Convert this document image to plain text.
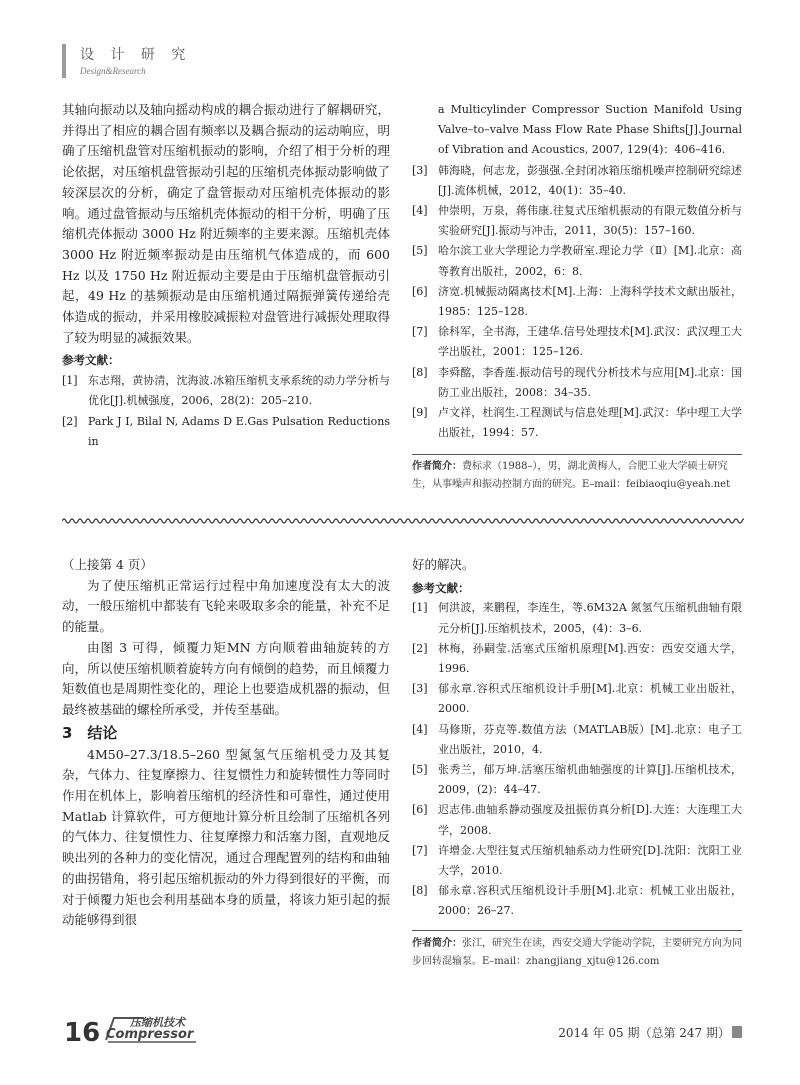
设 计 研 究
Design&Research

其轴向振动以及轴向摇动构成的耦合振动进行了解耦研究，并得出了相应的耦合固有频率以及耦合振动的运动响应，明确了压缩机盘管对压缩机振动的影响，介绍了相于分析的理论依据，对压缩机盘管振动引起的压缩机壳体振动影响做了较深层次的分析，确定了盘管振动对压缩机壳体振动的影响。通过盘管振动与压缩机壳体振动的相干分析，明确了压缩机壳体振动 3000 Hz 附近频率的主要来源。压缩机壳体 3000 Hz 附近频率振动是由压缩机气体造成的，而 600 Hz 以及 1750 Hz 附近振动主要是由于压缩机盘管振动引起，49 Hz 的基频振动是由压缩机通过隔振弹簧传递给壳体造成的振动，并采用橡胶减振粒对盘管进行减振处理取得了较为明显的减振效果。

参考文献：
[1] 东志翔，黄协清，沈海波.冰箱压缩机支承系统的动力学分析与优化[J].机械强度，2006，28(2)：205–210.
[2] Park J I, Bilal N, Adams D E.Gas Pulsation Reductions in
a Multicylinder Compressor Suction Manifold Using Valve–to–valve Mass Flow Rate Phase Shifts[J].Journal of Vibration and Acoustics, 2007, 129(4)：406–416.
[3] 韩海晓，何志龙，彭强强.全封闭冰箱压缩机噪声控制研究综述[J].流体机械，2012，40(1)：35–40.
[4] 仲崇明，万泉，蒋伟康.往复式压缩机振动的有限元数值分析与实验研究[J].振动与冲击，2011，30(5)：157–160.
[5] 哈尔滨工业大学理论力学教研室.理论力学（Ⅱ）[M].北京：高等教育出版社，2002，6：8.
[6] 济宽.机械振动隔离技术[M].上海：上海科学技术文献出版社，1985：125–128.
[7] 徐科军，全书海，王建华.信号处理技术[M].武汉：武汉理工大学出版社，2001：125–126.
[8] 李舜酩，李香莲.振动信号的现代分析技术与应用[M].北京：国防工业出版社，2008：34–35.
[9] 卢文祥，杜润生.工程测试与信息处理[M].武汉：华中理工大学出版社，1994：57.
作者简介：费标求（1988–），男，湖北黄梅人，合肥工业大学硕士研究生，从事噪声和振动控制方面的研究。E–mail：feibiaoqiu@yeah.net

（上接第 4 页）

为了使压缩机正常运行过程中角加速度没有太大的波动，一般压缩机中都装有飞轮来吸取多余的能量，补充不足的能量。

由图 3 可得，倾覆力矩MN 方向顺着曲轴旋转的方向，所以使压缩机顺着旋转方向有倾倒的趋势，而且倾覆力矩数值也是周期性变化的，理论上也要造成机器的振动，但最终被基础的螺栓所承受，并传至基础。

3　结论

4M50–27.3/18.5–260 型氮氢气压缩机受力及其复杂，气体力、往复摩擦力、往复惯性力和旋转惯性力等同时作用在机体上，影响着压缩机的经济性和可靠性，通过使用 Matlab 计算软件，可方便地计算分析且绘制了压缩机各列的气体力、往复惯性力、往复摩擦力和活塞力图，直观地反映出列的各种力的变化情况，通过合理配置列的结构和曲轴的曲拐错角，将引起压缩机振动的外力得到很好的平衡，而对于倾覆力矩也会利用基础本身的质量，将该力矩引起的振动能够得到很

好的解决。

参考文献：
[1] 何洪波，来鹏程，李连生，等.6M32A 氮氢气压缩机曲轴有限元分析[J].压缩机技术，2005，(4)：3–6.
[2] 林梅，孙嗣莹.活塞式压缩机原理[M].西安：西安交通大学，1996.
[3] 郁永章.容积式压缩机设计手册[M].北京：机械工业出版社，2000.
[4] 马修斯，芬克等.数值方法（MATLAB版）[M].北京：电子工业出版社，2010，4.
[5] 张秀兰，郁万坤.活塞压缩机曲轴强度的计算[J].压缩机技术，2009，(2)：44–47.
[6] 迟志伟.曲轴系静动强度及扭振仿真分析[D].大连：大连理工大学，2008.
[7] 许增金.大型往复式压缩机轴系动力性研究[D].沈阳：沈阳工业大学，2010.
[8] 郁永章.容积式压缩机设计手册[M].北京：机械工业出版社，2000：26–27.
作者简介：张江，研究生在读，西安交通大学能动学院，主要研究方向为同步回转混输泵。E–mail：zhangjiang_xjtu@126.com
16	压缩机技术
Compressor	2014 年 05 期（总第 247 期）
